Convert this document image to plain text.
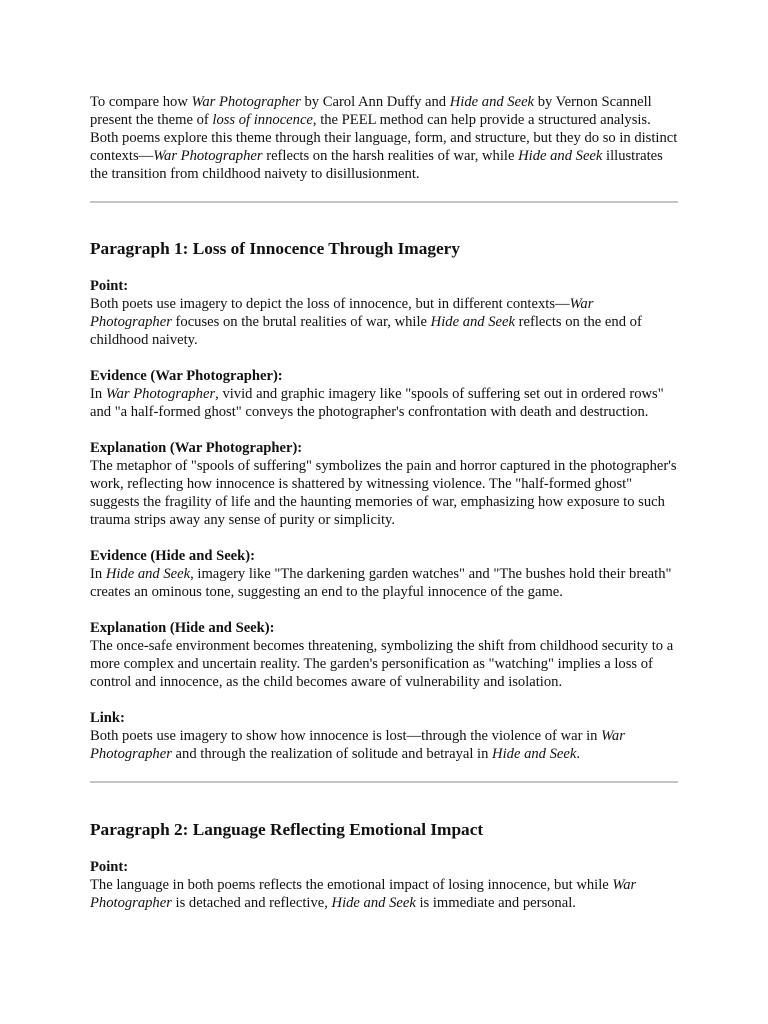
To compare how War Photographer by Carol Ann Duffy and Hide and Seek by Vernon Scannell present the theme of loss of innocence, the PEEL method can help provide a structured analysis. Both poems explore this theme through their language, form, and structure, but they do so in distinct contexts—War Photographer reflects on the harsh realities of war, while Hide and Seek illustrates the transition from childhood naivety to disillusionment.

Paragraph 1: Loss of Innocence Through Imagery
Point:

Both poets use imagery to depict the loss of innocence, but in different contexts—War Photographer focuses on the brutal realities of war, while Hide and Seek reflects on the end of childhood naivety.

Evidence (War Photographer):

In War Photographer, vivid and graphic imagery like "spools of suffering set out in ordered rows" and "a half-formed ghost" conveys the photographer's confrontation with death and destruction.

Explanation (War Photographer):

The metaphor of "spools of suffering" symbolizes the pain and horror captured in the photographer's work, reflecting how innocence is shattered by witnessing violence. The "half-formed ghost" suggests the fragility of life and the haunting memories of war, emphasizing how exposure to such trauma strips away any sense of purity or simplicity.

Evidence (Hide and Seek):

In Hide and Seek, imagery like "The darkening garden watches" and "The bushes hold their breath" creates an ominous tone, suggesting an end to the playful innocence of the game.

Explanation (Hide and Seek):

The once-safe environment becomes threatening, symbolizing the shift from childhood security to a more complex and uncertain reality. The garden's personification as "watching" implies a loss of control and innocence, as the child becomes aware of vulnerability and isolation.

Link:

Both poets use imagery to show how innocence is lost—through the violence of war in War Photographer and through the realization of solitude and betrayal in Hide and Seek.

Paragraph 2: Language Reflecting Emotional Impact
Point:

The language in both poems reflects the emotional impact of losing innocence, but while War Photographer is detached and reflective, Hide and Seek is immediate and personal.
